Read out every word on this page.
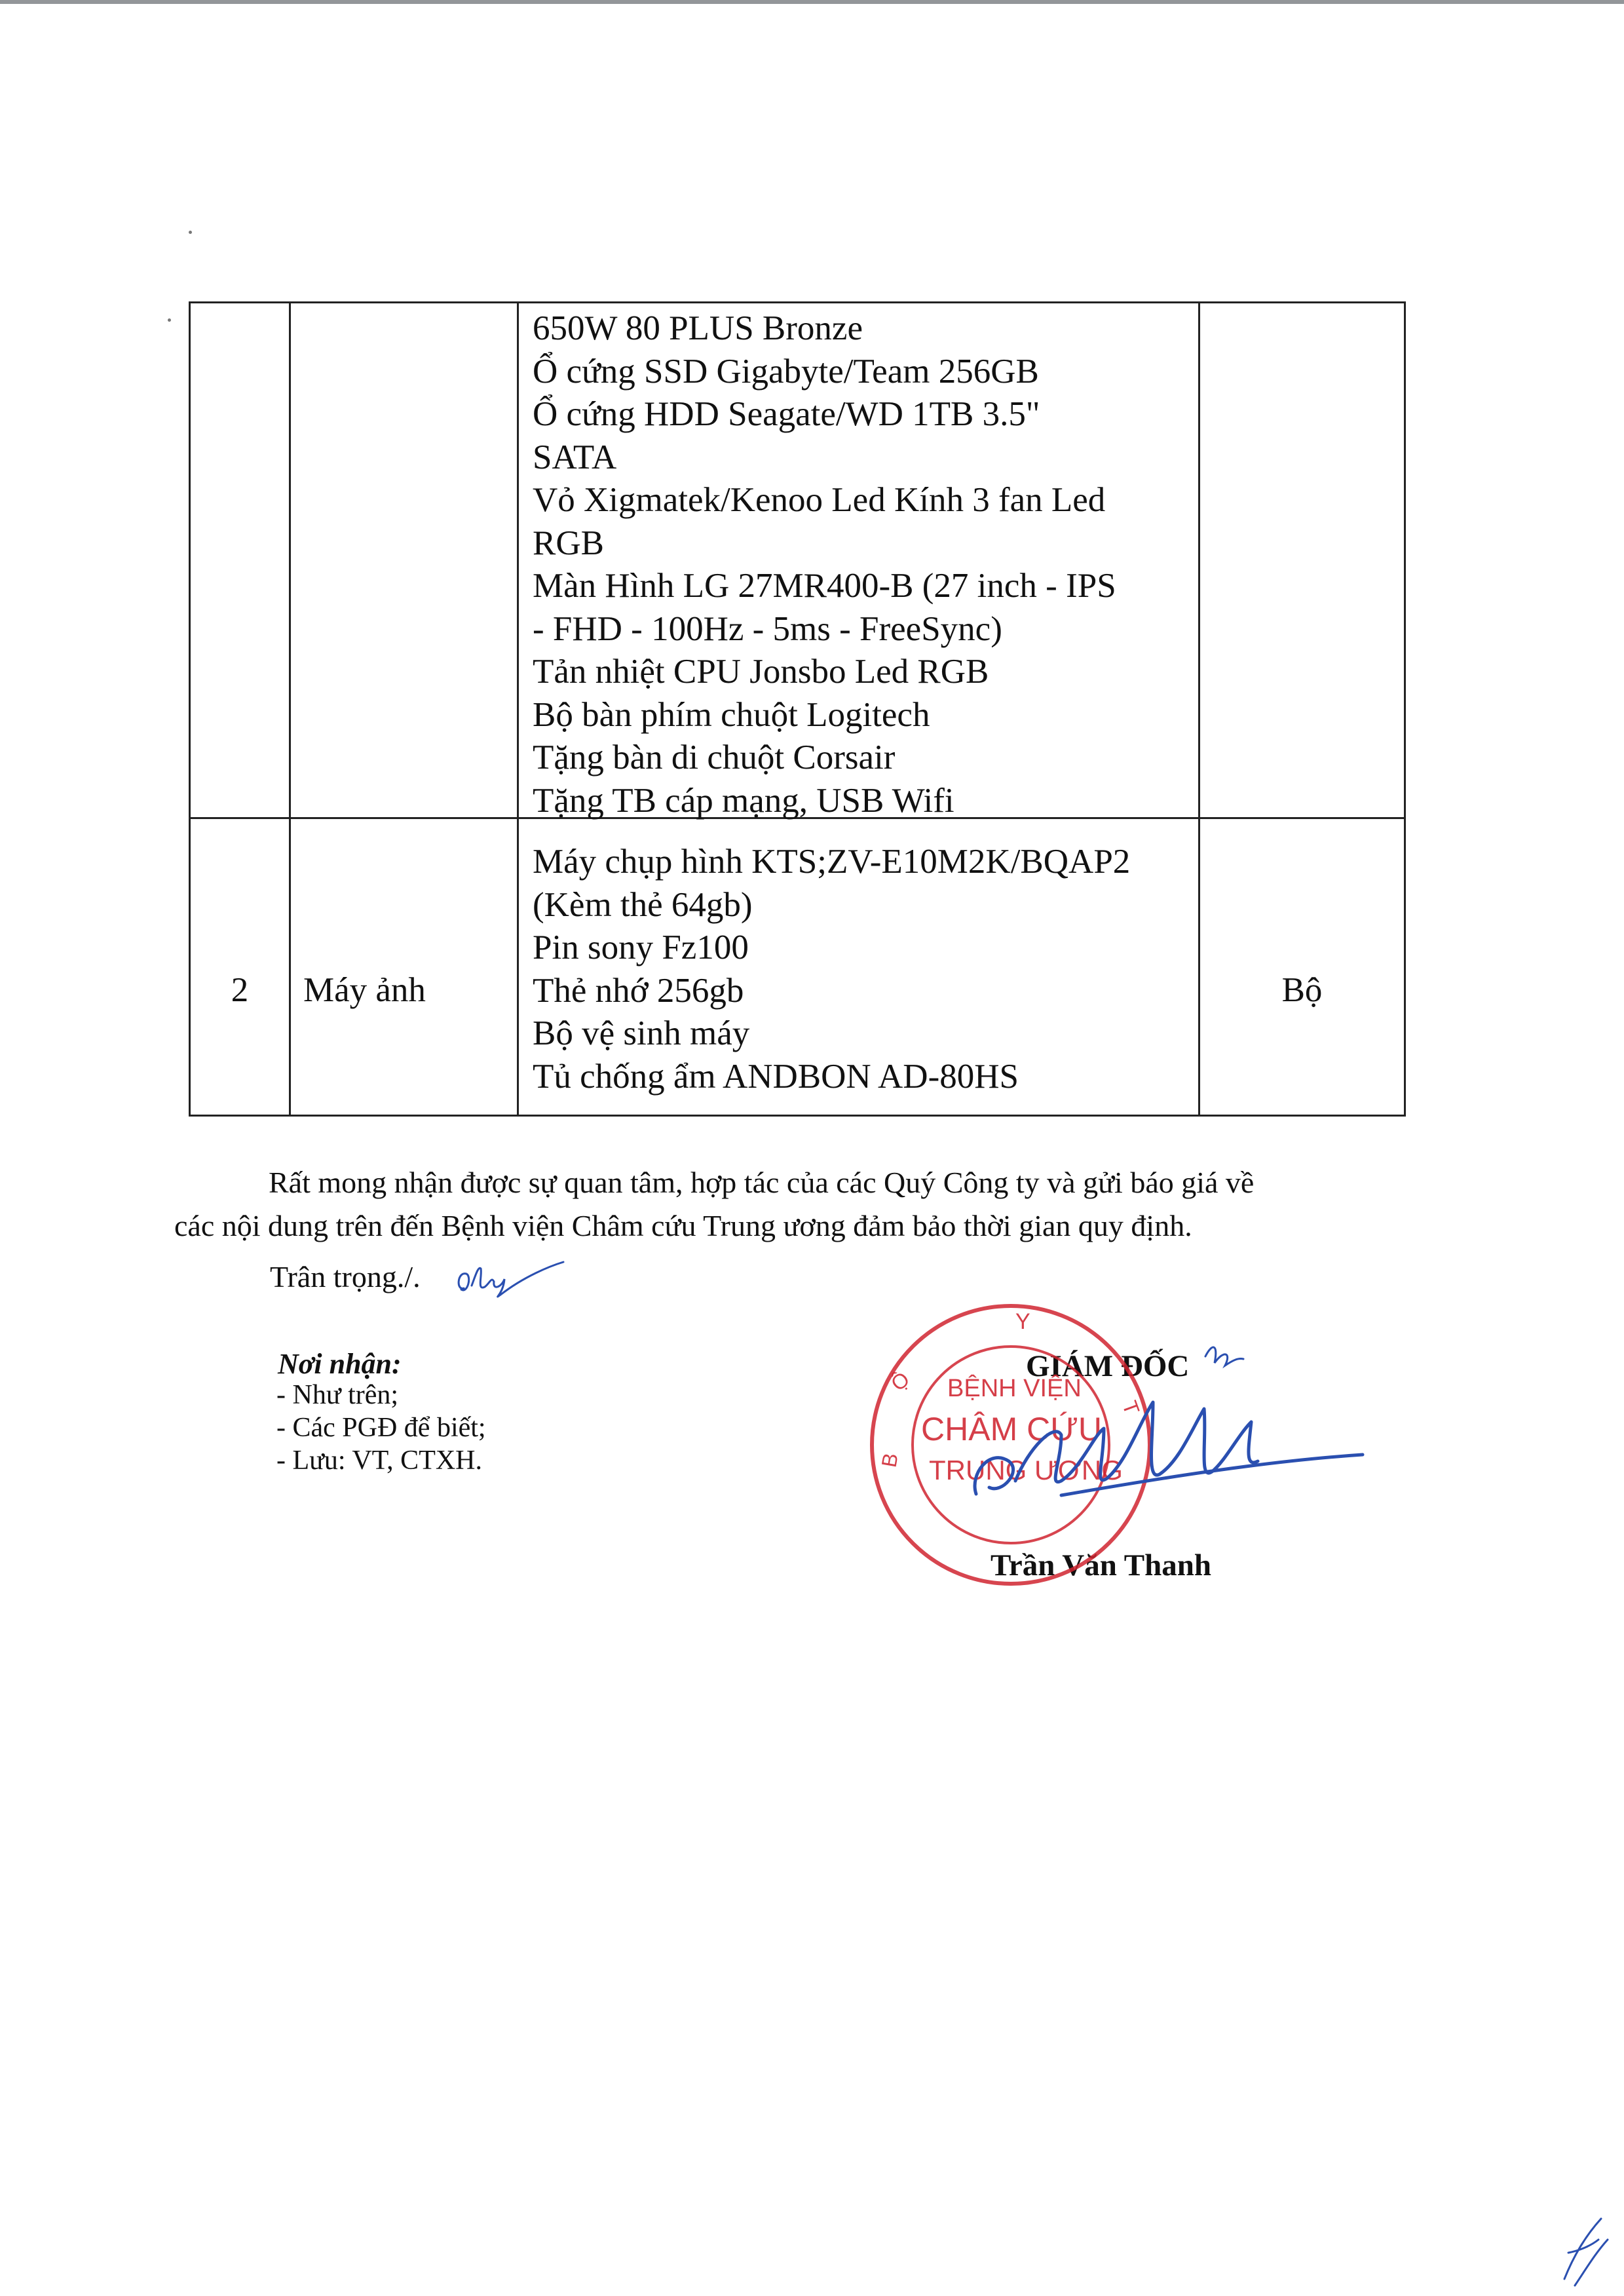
650W 80 PLUS Bronze
Ổ cứng SSD Gigabyte/Team 256GB
Ổ cứng HDD Seagate/WD 1TB 3.5"
SATA
Vỏ Xigmatek/Kenoo Led Kính 3 fan Led
RGB
Màn Hình LG 27MR400-B (27 inch - IPS
- FHD - 100Hz - 5ms - FreeSync)
Tản nhiệt CPU Jonsbo Led RGB
Bộ bàn phím chuột Logitech
Tặng bàn di chuột Corsair
Tặng TB cáp mạng, USB Wifi
2	Máy ảnh
Máy chụp hình KTS;ZV-E10M2K/BQAP2
(Kèm thẻ 64gb)
Pin sony Fz100
Thẻ nhớ 256gb
Bộ vệ sinh máy
Tủ chống ẩm ANDBON AD-80HS
Bộ
Rất mong nhận được sự quan tâm, hợp tác của các Quý Công ty và gửi báo giá về
các nội dung trên đến Bệnh viện Châm cứu Trung ương đảm bảo thời gian quy định.
Trân trọng./.
Nơi nhận:
- Như trên;
- Các PGĐ để biết;
- Lưu: VT, CTXH.
GIÁM ĐỐC
Trần Văn Thanh
Y
B
Ộ
T
BỆNH VIỆN
CHÂM CỨU
TRUNG ƯƠNG
